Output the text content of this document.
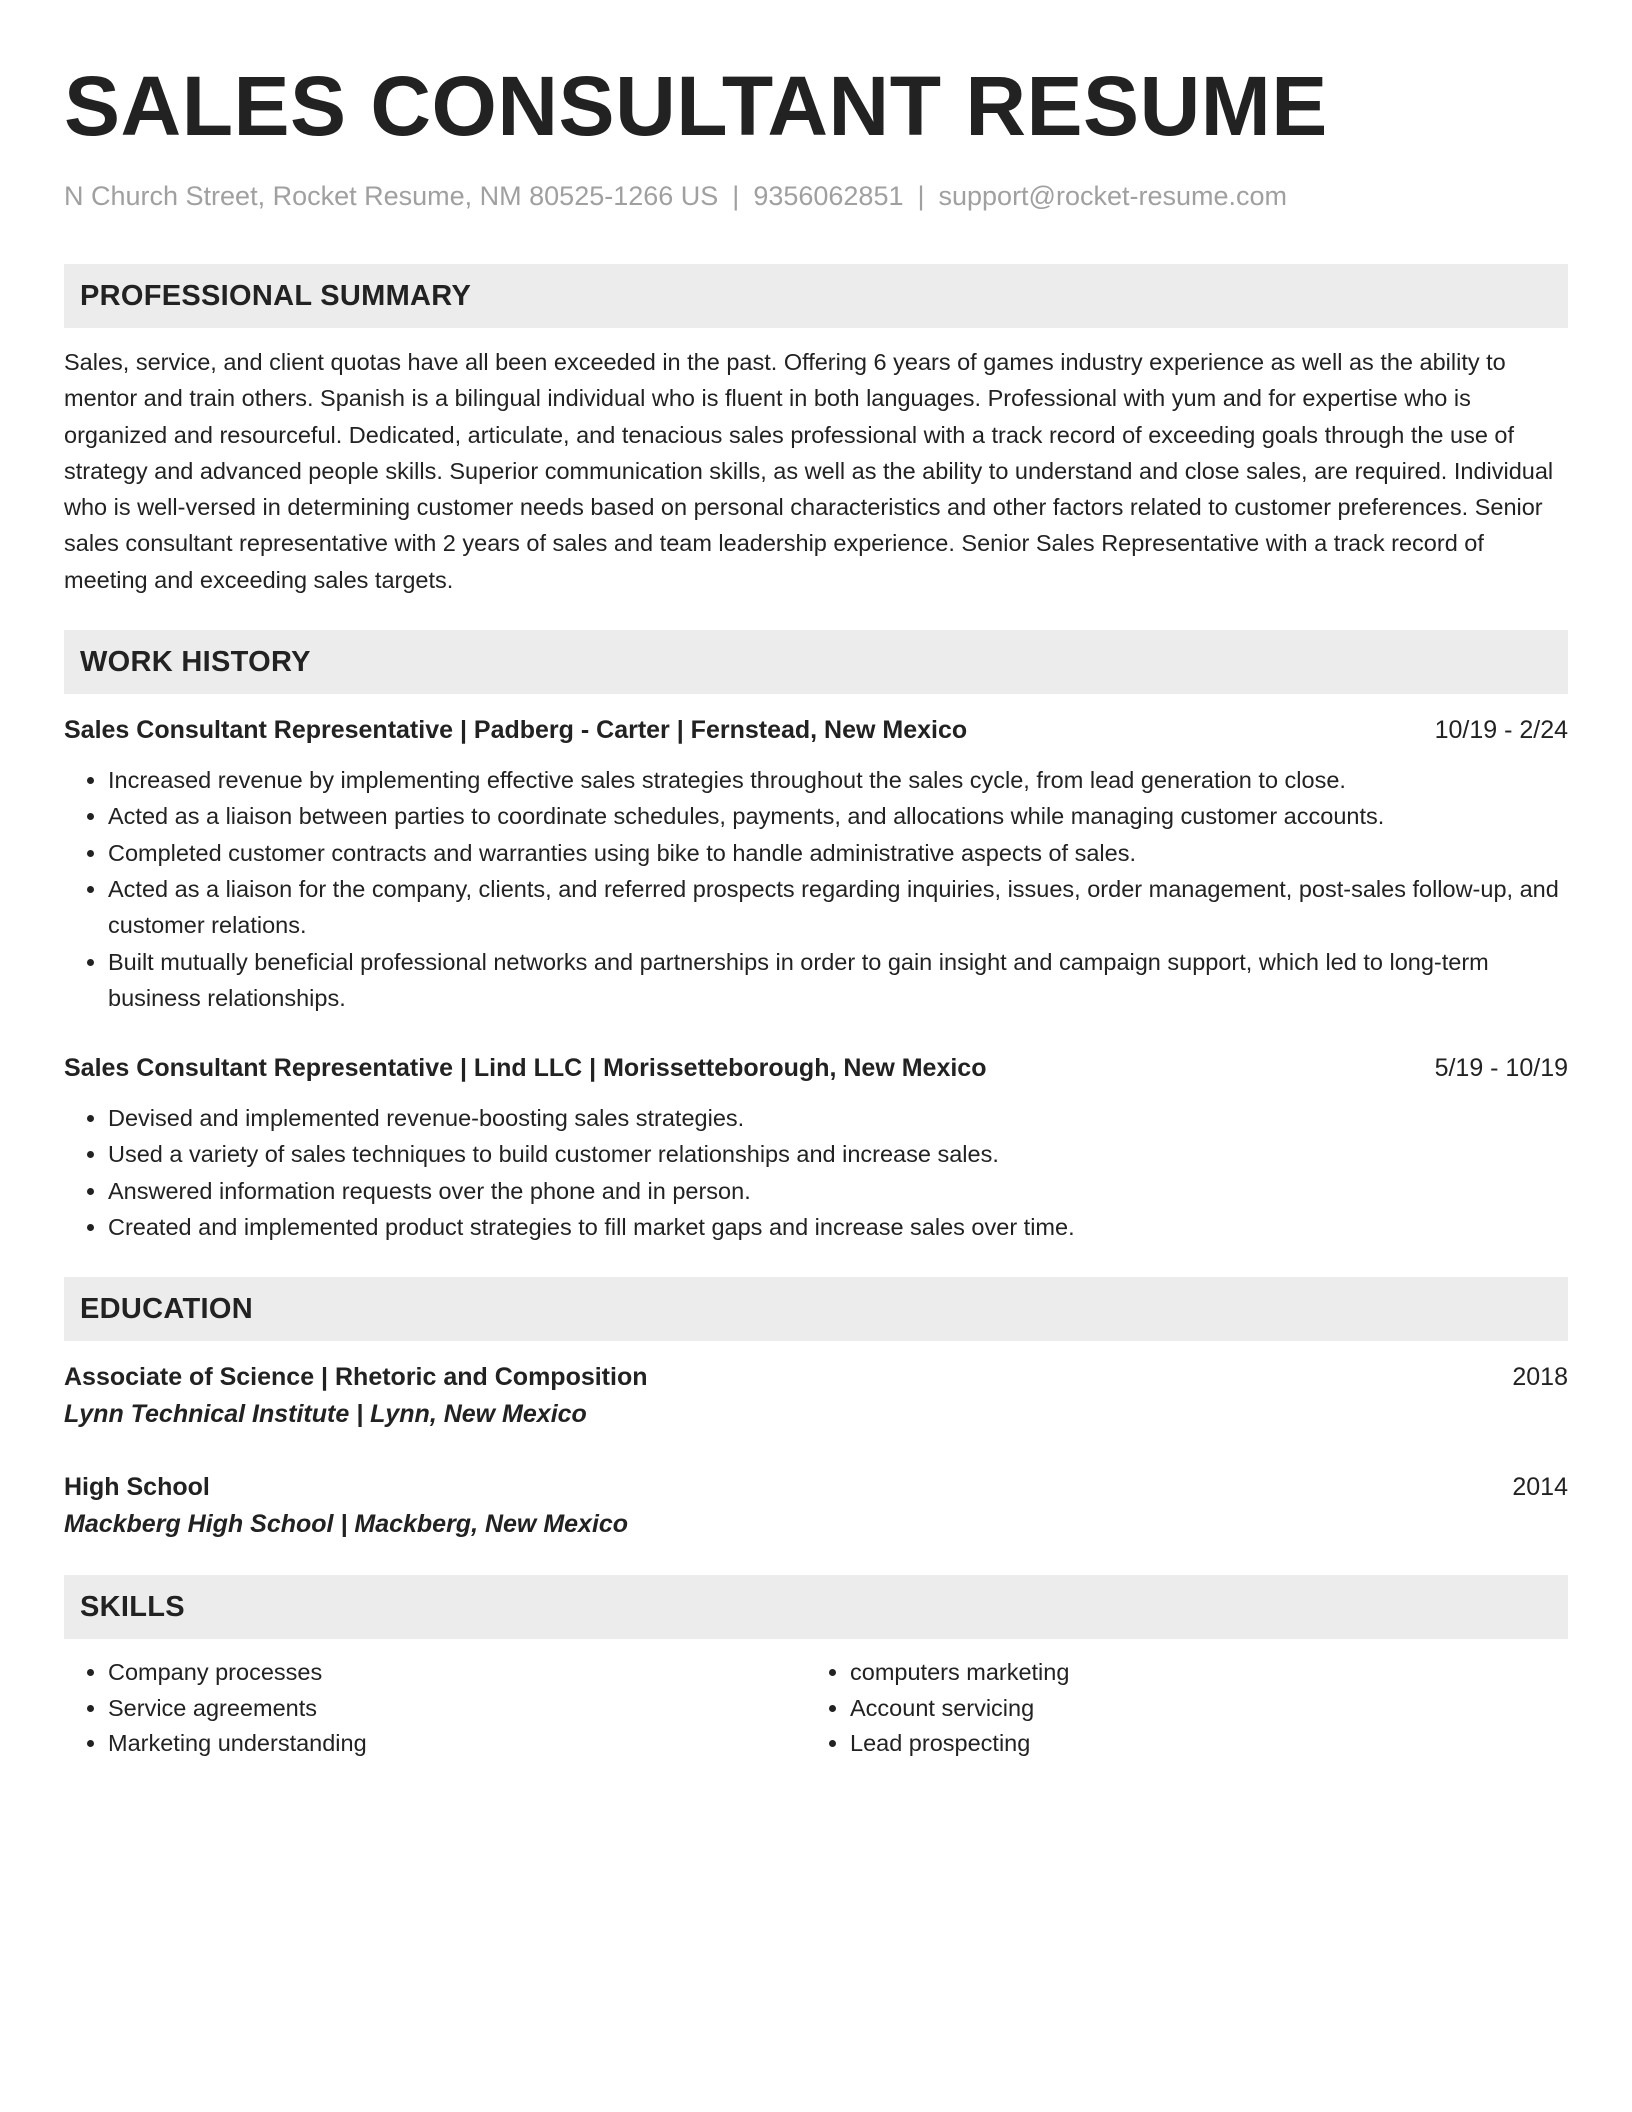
SALES CONSULTANT RESUME
N Church Street, Rocket Resume, NM 80525-1266 US | 9356062851 | support@rocket-resume.com
PROFESSIONAL SUMMARY
Sales, service, and client quotas have all been exceeded in the past. Offering 6 years of games industry experience as well as the ability to mentor and train others. Spanish is a bilingual individual who is fluent in both languages. Professional with yum and for expertise who is organized and resourceful. Dedicated, articulate, and tenacious sales professional with a track record of exceeding goals through the use of strategy and advanced people skills. Superior communication skills, as well as the ability to understand and close sales, are required. Individual who is well-versed in determining customer needs based on personal characteristics and other factors related to customer preferences. Senior sales consultant representative with 2 years of sales and team leadership experience. Senior Sales Representative with a track record of meeting and exceeding sales targets.
WORK HISTORY
Sales Consultant Representative | Padberg - Carter | Fernstead, New Mexico	10/19 - 2/24
• Increased revenue by implementing effective sales strategies throughout the sales cycle, from lead generation to close.
• Acted as a liaison between parties to coordinate schedules, payments, and allocations while managing customer accounts.
• Completed customer contracts and warranties using bike to handle administrative aspects of sales.
• Acted as a liaison for the company, clients, and referred prospects regarding inquiries, issues, order management, post-sales follow-up, and customer relations.
• Built mutually beneficial professional networks and partnerships in order to gain insight and campaign support, which led to long-term business relationships.
Sales Consultant Representative | Lind LLC | Morissetteborough, New Mexico	5/19 - 10/19
• Devised and implemented revenue-boosting sales strategies.
• Used a variety of sales techniques to build customer relationships and increase sales.
• Answered information requests over the phone and in person.
• Created and implemented product strategies to fill market gaps and increase sales over time.
EDUCATION
Associate of Science | Rhetoric and Composition	2018
Lynn Technical Institute | Lynn, New Mexico
High School	2014
Mackberg High School | Mackberg, New Mexico
SKILLS
• Company processes
• Service agreements
• Marketing understanding
• computers marketing
• Account servicing
• Lead prospecting
